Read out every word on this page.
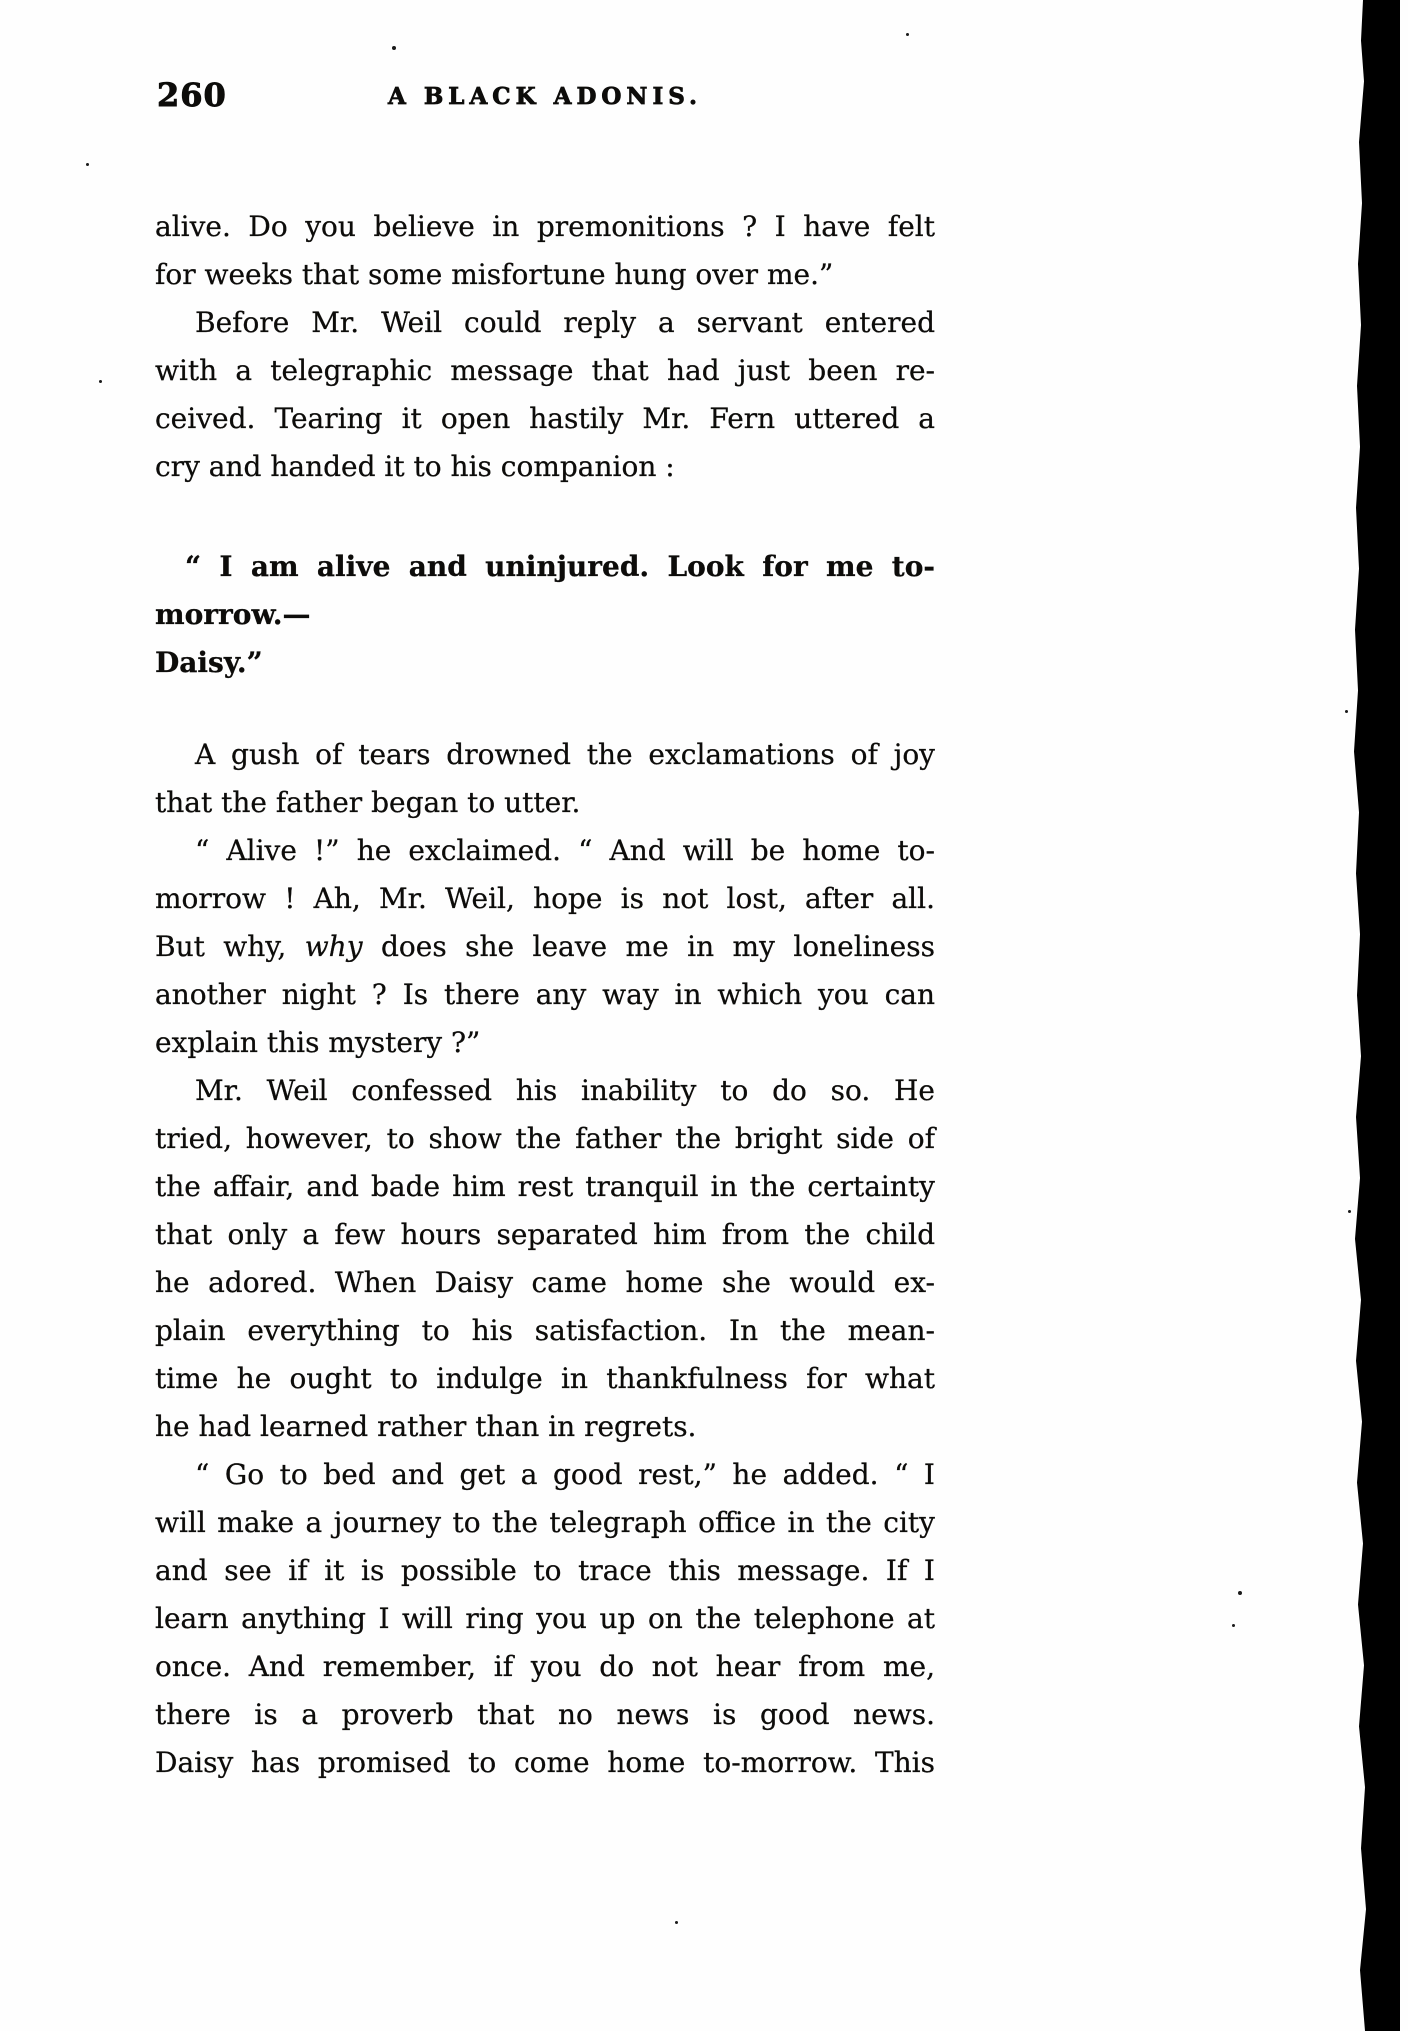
260	A BLACK ADONIS.
alive. Do you believe in premonitions ? I have felt
for weeks that some misfortune hung over me.”
Before Mr. Weil could reply a servant entered
with a telegraphic message that had just been re-
ceived. Tearing it open hastily Mr. Fern uttered a
cry and handed it to his companion :
“ I am alive and uninjured. Look for me to-morrow.—
Daisy.”
A gush of tears drowned the exclamations of joy
that the father began to utter.
“ Alive !” he exclaimed. “ And will be home to-
morrow ! Ah, Mr. Weil, hope is not lost, after all.
But why, why does she leave me in my loneliness
another night ? Is there any way in which you can
explain this mystery ?”
Mr. Weil confessed his inability to do so. He
tried, however, to show the father the bright side of
the affair, and bade him rest tranquil in the certainty
that only a few hours separated him from the child
he adored. When Daisy came home she would ex-
plain everything to his satisfaction. In the mean-
time he ought to indulge in thankfulness for what
he had learned rather than in regrets.
“ Go to bed and get a good rest,” he added. “ I
will make a journey to the telegraph office in the city
and see if it is possible to trace this message. If I
learn anything I will ring you up on the telephone at
once. And remember, if you do not hear from me,
there is a proverb that no news is good news.
Daisy has promised to come home to-morrow. This
